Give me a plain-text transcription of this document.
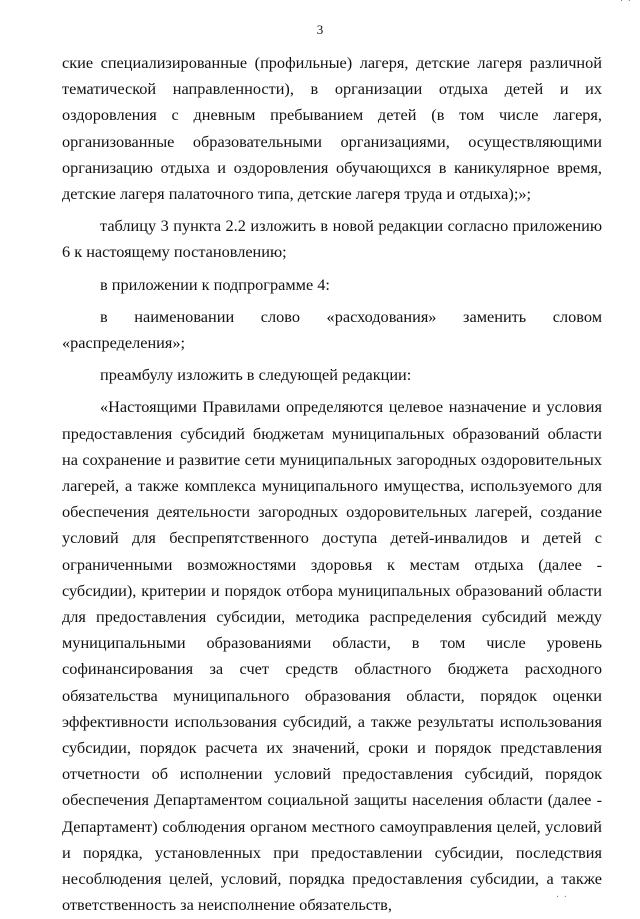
· ·
3

ские специализированные (профильные) лагеря, детские лагеря различной тематической направленности), в организации отдыха детей и их оздоровления с дневным пребыванием детей (в том числе лагеря, организованные образовательными организациями, осуществляющими организацию отдыха и оздоровления обучающихся в каникулярное время, детские лагеря палаточного типа, детские лагеря труда и отдыха);»;

таблицу 3 пункта 2.2 изложить в новой редакции согласно приложению 6 к настоящему постановлению;

в приложении к подпрограмме 4:

в наименовании слово «расходования» заменить словом «распределения»;

преамбулу изложить в следующей редакции:

«Настоящими Правилами определяются целевое назначение и условия предоставления субсидий бюджетам муниципальных образований области на сохранение и развитие сети муниципальных загородных оздоровительных лагерей, а также комплекса муниципального имущества, используемого для обеспечения деятельности загородных оздоровительных лагерей, создание условий для беспрепятственного доступа детей-инвалидов и детей с ограниченными возможностями здоровья к местам отдыха (далее - субсидии), критерии и порядок отбора муниципальных образований области для предоставления субсидии, методика распределения субсидий между муниципальными образованиями области, в том числе уровень софинансирования за счет средств областного бюджета расходного обязательства муниципального образования области, порядок оценки эффективности использования субсидий, а также результаты использования субсидии, порядок расчета их значений, сроки и порядок представления отчетности об исполнении условий предоставления субсидий, порядок обеспечения Департаментом социальной защиты населения области (далее - Департамент) соблюдения органом местного самоуправления целей, условий и порядка, установленных при предоставлении субсидии, последствия несоблюдения целей, условий, порядка предоставления субсидии, а также ответственность за неисполнение обязательств,	· ·
